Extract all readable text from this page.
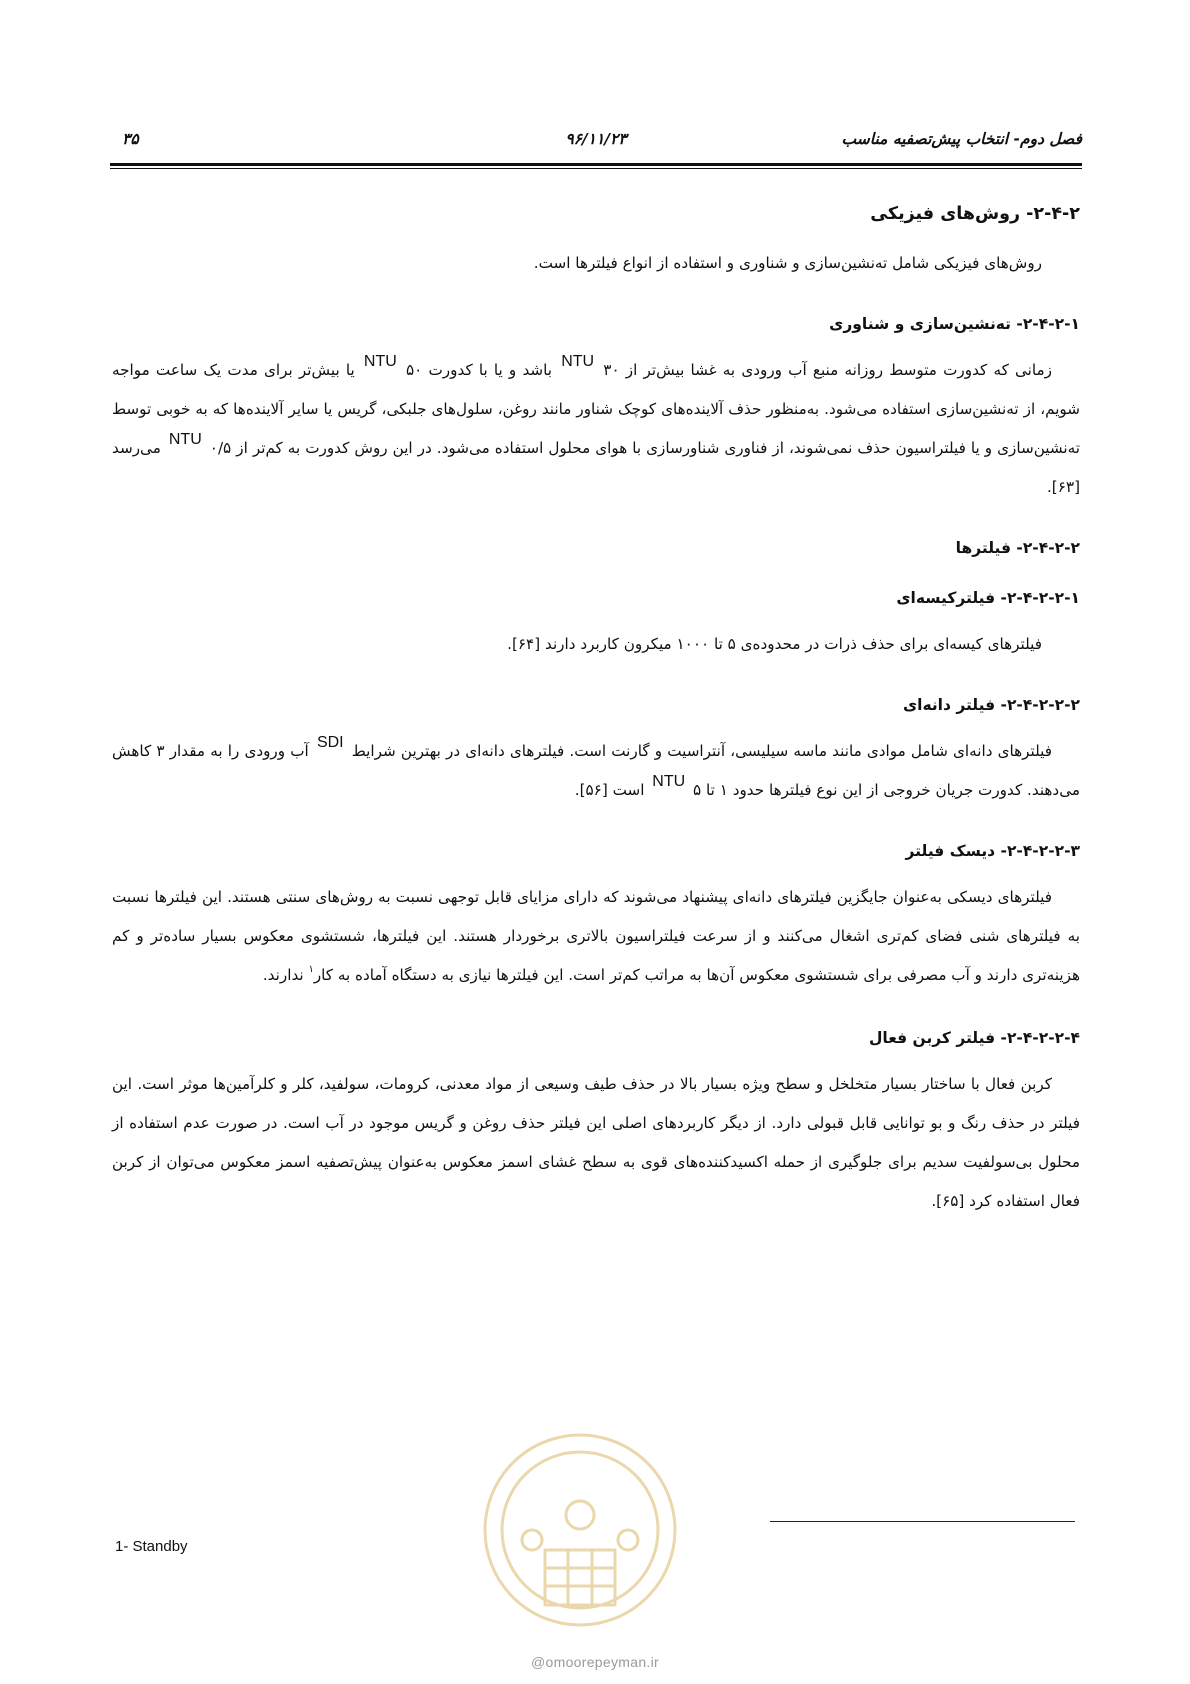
فصل دوم- انتخاب پیش‌تصفیه مناسب
۹۶/۱۱/۲۳
۳۵
۲-۴-۲- روش‌های فیزیکی

روش‌های فیزیکی شامل ته‌نشین‌سازی و شناوری و استفاده از انواع فیلترها است.

۲-۴-۲-۱- ته‌نشین‌سازی و شناوری

زمانی که کدورت متوسط روزانه منبع آب ورودی به غشا بیش‌تر از ۳۰ NTU باشد و یا با کدورت ۵۰ NTU یا بیش‌تر برای مدت یک ساعت مواجه شویم، از ته‌نشین‌سازی استفاده می‌شود. به‌منظور حذف آلاینده‌های کوچک شناور مانند روغن، سلول‌های جلبکی، گریس یا سایر آلاینده‌ها که به خوبی توسط ته‌نشین‌سازی و یا فیلتراسیون حذف نمی‌شوند، از فناوری شناورسازی با هوای محلول استفاده می‌شود. در این روش کدورت به کم‌تر از ۰/۵ NTU می‌رسد [۶۳].

۲-۴-۲-۲- فیلترها
۲-۴-۲-۲-۱- فیلترکیسه‌ای

فیلترهای کیسه‌ای برای حذف ذرات در محدوده‌ی ۵ تا ۱۰۰۰ میکرون کاربرد دارند [۶۴].

۲-۴-۲-۲-۲- فیلتر دانه‌ای

فیلترهای دانه‌ای شامل موادی مانند ماسه سیلیسی، آنتراسیت و گارنت است. فیلترهای دانه‌ای در بهترین شرایط SDI آب ورودی را به مقدار ۳ کاهش می‌دهند. کدورت جریان خروجی از این نوع فیلترها حدود ۱ تا ۵ NTU است [۵۶].

۲-۴-۲-۲-۳- دیسک فیلتر

فیلترهای دیسکی به‌عنوان جایگزین فیلترهای دانه‌ای پیشنهاد می‌شوند که دارای مزایای قابل توجهی نسبت به روش‌های سنتی هستند. این فیلترها نسبت به فیلترهای شنی فضای کم‌تری اشغال می‌کنند و از سرعت فیلتراسیون بالاتری برخوردار هستند. این فیلترها، شستشوی معکوس بسیار ساده‌تر و کم هزینه‌تری دارند و آب مصرفی برای شستشوی معکوس آن‌ها به مراتب کم‌تر است. این فیلترها نیازی به دستگاه آماده به کار$^۱$ ندارند.

۲-۴-۲-۲-۴- فیلتر کربن فعال

کربن فعال با ساختار بسیار متخلخل و سطح ویژه بسیار بالا در حذف طیف وسیعی از مواد معدنی، کرومات، سولفید، کلر و کلرآمین‌ها موثر است. این فیلتر در حذف رنگ و بو توانایی قابل قبولی دارد. از دیگر کاربردهای اصلی این فیلتر حذف روغن و گریس موجود در آب است. در صورت عدم استفاده از محلول بی‌سولفیت سدیم برای جلوگیری از حمله اکسیدکننده‌های قوی به سطح غشای اسمز معکوس به‌عنوان پیش‌تصفیه اسمز معکوس می‌توان از کربن فعال استفاده کرد [۶۵].

1- Standby
@omoorepeyman.ir
